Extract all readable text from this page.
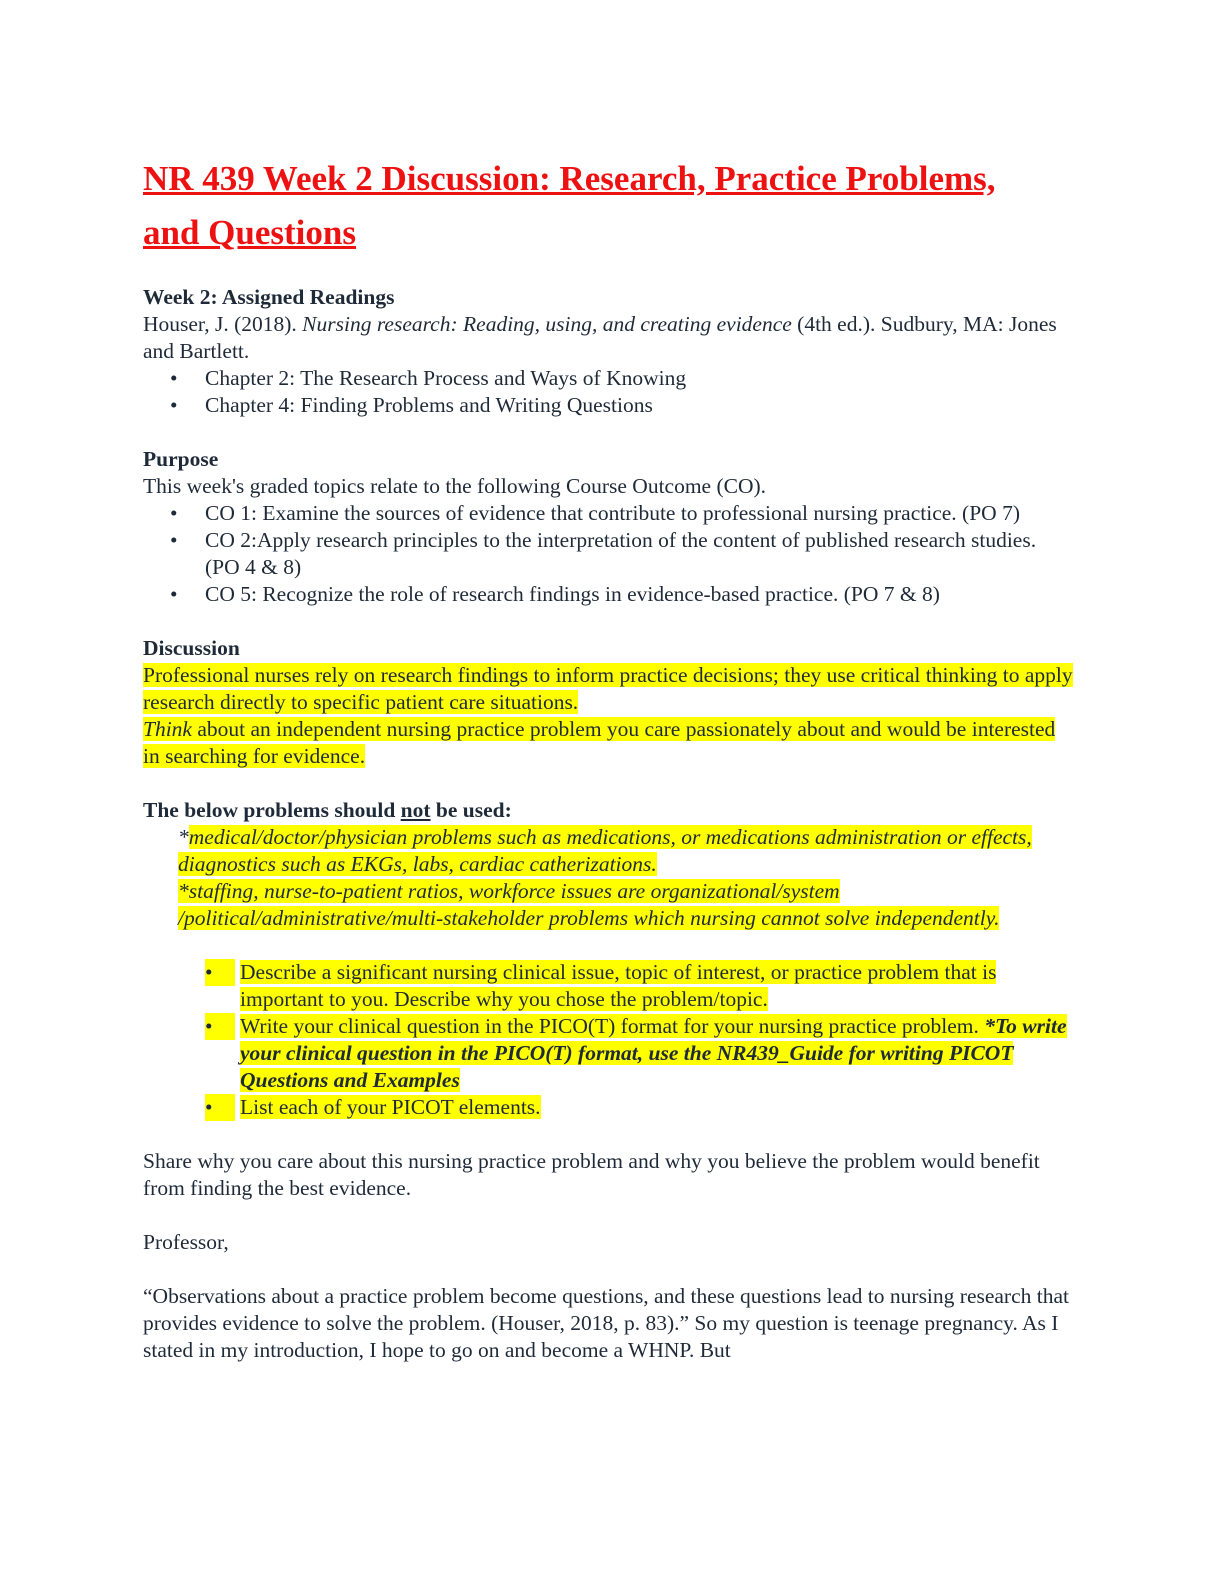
NR 439 Week 2 Discussion: Research, Practice Problems,
and Questions
Week 2: Assigned Readings

Houser, J. (2018). Nursing research: Reading, using, and creating evidence (4th ed.). Sudbury, MA: Jones and Bartlett.

• Chapter 2: The Research Process and Ways of Knowing
• Chapter 4: Finding Problems and Writing Questions
Purpose

This week's graded topics relate to the following Course Outcome (CO).

• CO 1: Examine the sources of evidence that contribute to professional nursing practice. (PO 7)
• CO 2:Apply research principles to the interpretation of the content of published research studies. (PO 4 & 8)
• CO 5: Recognize the role of research findings in evidence-based practice. (PO 7 & 8)
Discussion

Professional nurses rely on research findings to inform practice decisions; they use critical thinking to apply research directly to specific patient care situations.

Think about an independent nursing practice problem you care passionately about and would be interested in searching for evidence.

The below problems should not be used:
*medical/doctor/physician problems such as medications, or medications administration or effects, diagnostics such as EKGs, labs, cardiac catherizations.
*staffing, nurse-to-patient ratios, workforce issues are organizational/system /political/administrative/multi-stakeholder problems which nursing cannot solve independently.
•	Describe a significant nursing clinical issue, topic of interest, or practice problem that is important to you. Describe why you chose the problem/topic.
•	Write your clinical question in the PICO(T) format for your nursing practice problem. *To write your clinical question in the PICO(T) format, use the NR439_Guide for writing PICOT Questions and Examples
•	List each of your PICOT elements.

Share why you care about this nursing practice problem and why you believe the problem would benefit from finding the best evidence.

Professor,

“Observations about a practice problem become questions, and these questions lead to nursing research that provides evidence to solve the problem. (Houser, 2018, p. 83).” So my question is teenage pregnancy. As I stated in my introduction, I hope to go on and become a WHNP. But
